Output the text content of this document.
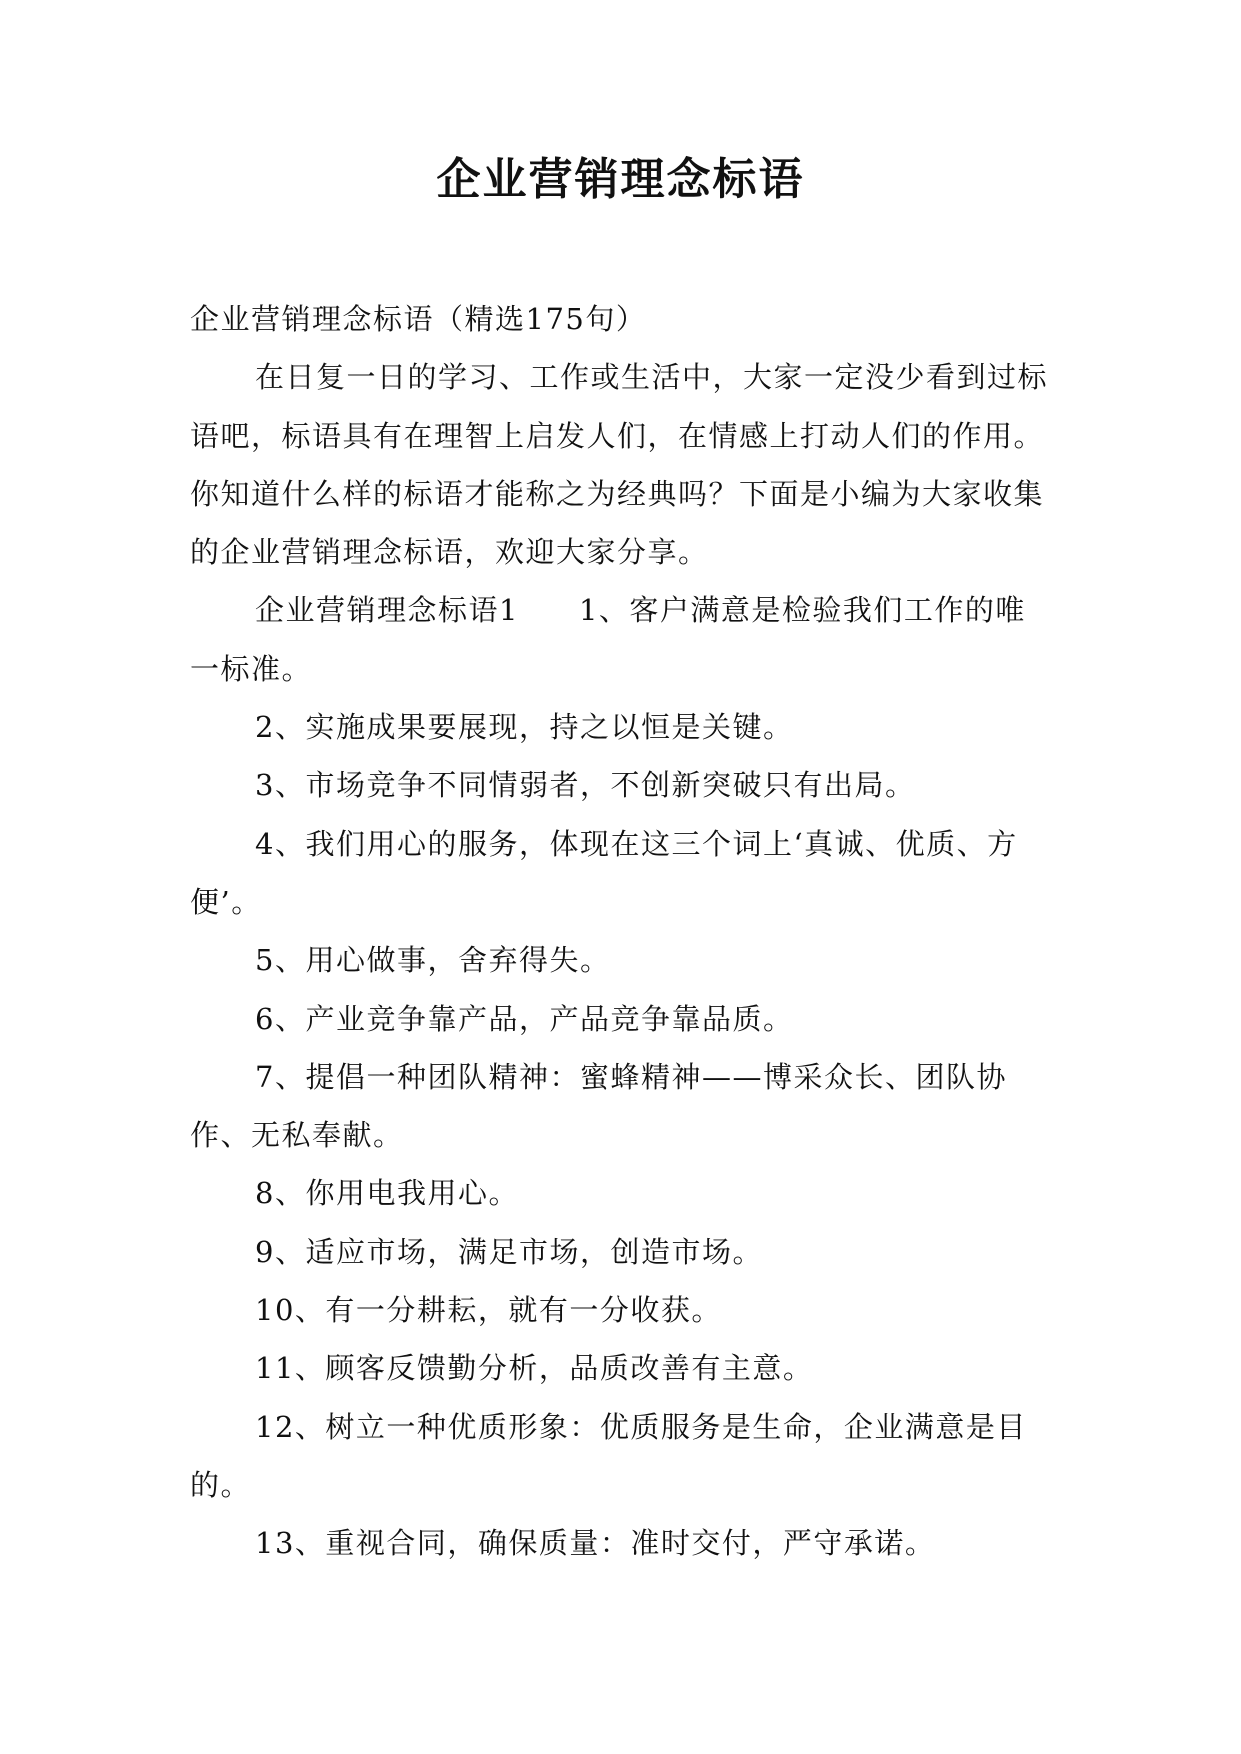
企业营销理念标语

企业营销理念标语（精选175句）

在日复一日的学习、工作或生活中，大家一定没少看到过标语吧，标语具有在理智上启发人们，在情感上打动人们的作用。你知道什么样的标语才能称之为经典吗？下面是小编为大家收集的企业营销理念标语，欢迎大家分享。

企业营销理念标语1 1、客户满意是检验我们工作的唯一标准。

2、实施成果要展现，持之以恒是关键。

3、市场竞争不同情弱者，不创新突破只有出局。

4、我们用心的服务，体现在这三个词上‘真诚、优质、方便’。

5、用心做事，舍弃得失。

6、产业竞争靠产品，产品竞争靠品质。

7、提倡一种团队精神：蜜蜂精神——博采众长、团队协作、无私奉献。

8、你用电我用心。

9、适应市场，满足市场，创造市场。

10、有一分耕耘，就有一分收获。

11、顾客反馈勤分析，品质改善有主意。

12、树立一种优质形象：优质服务是生命，企业满意是目的。

13、重视合同，确保质量：准时交付，严守承诺。
